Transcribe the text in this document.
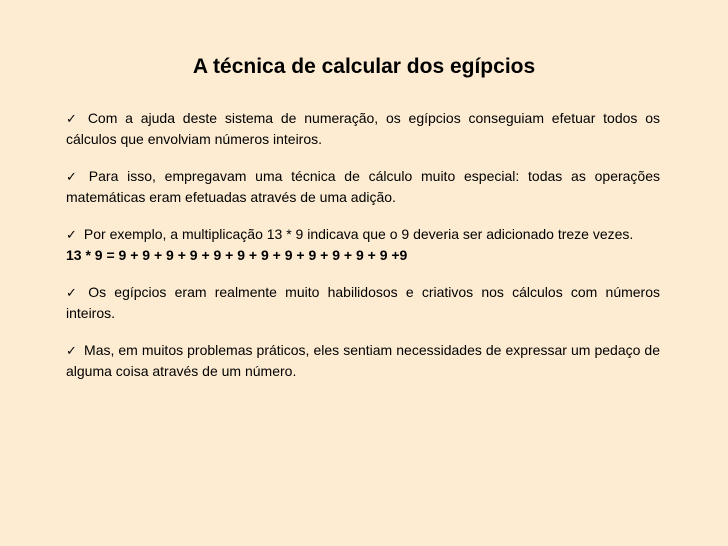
A técnica de calcular dos egípcios

✓ Com a ajuda deste sistema de numeração, os egípcios conseguiam efetuar todos os cálculos que envolviam números inteiros.

✓ Para isso, empregavam uma técnica de cálculo muito especial: todas as operações matemáticas eram efetuadas através de uma adição.

✓ Por exemplo, a multiplicação 13 * 9 indicava que o 9 deveria ser adicionado treze vezes.

13 * 9 = 9 + 9 + 9 + 9 + 9 + 9 + 9 + 9 + 9 + 9 + 9 + 9 +9

✓ Os egípcios eram realmente muito habilidosos e criativos nos cálculos com números inteiros.

✓ Mas, em muitos problemas práticos, eles sentiam necessidades de expressar um pedaço de alguma coisa através de um número.
